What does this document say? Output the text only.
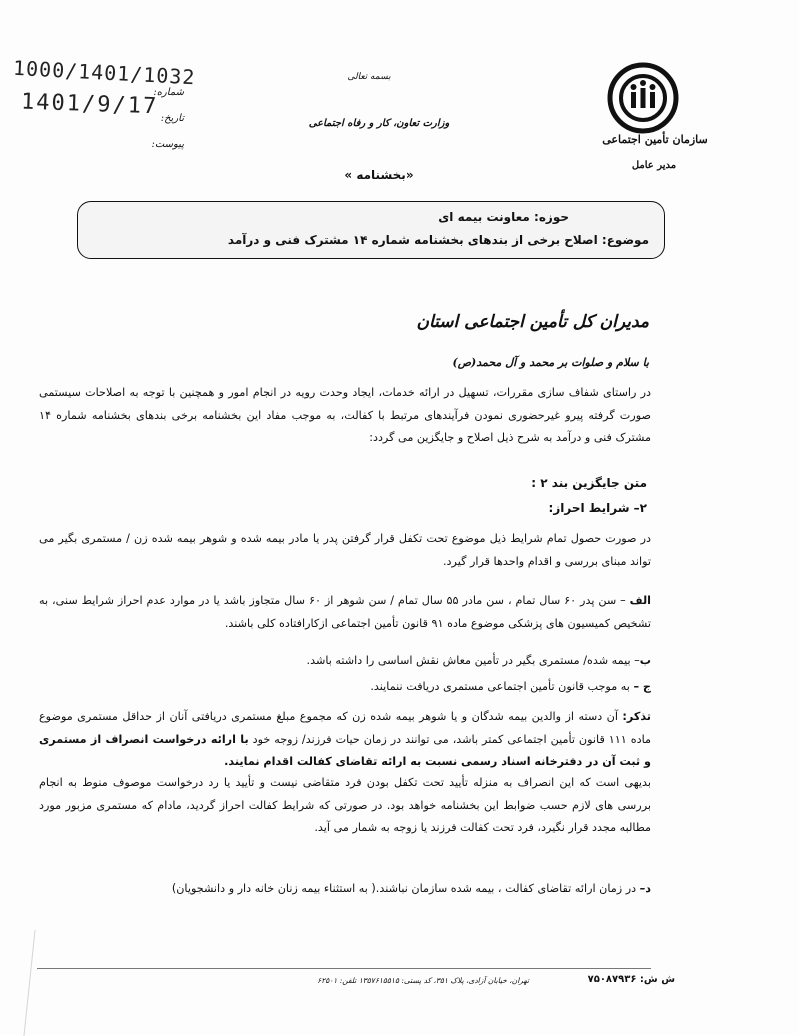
سازمان تأمین اجتماعی
مدیر عامل
بسمه تعالی
وزارت تعاون، کار و رفاه اجتماعی
«بخشنامه »
شماره:
تاریخ:
پیوست:
1000/1401/1032
1401/9/17
حوزه: معاونت بیمه ای
موضوع: اصلاح برخی از بندهای بخشنامه شماره ۱۴ مشترک فنی و درآمد
مدیران کل تأمین اجتماعی استان
با سلام و صلوات بر محمد و آل محمد(ص)
در راستای شفاف سازی مقررات، تسهیل در ارائه خدمات، ایجاد وحدت رویه در انجام امور و همچنین با توجه به اصلاحات سیستمی صورت گرفته پیرو غیرحضوری نمودن فرآیندهای مرتبط با کفالت، به موجب مفاد این بخشنامه برخی بندهای بخشنامه شماره ۱۴ مشترک فنی و درآمد به شرح ذیل اصلاح و جایگزین می گردد:
متن جایگزین بند ۲ :
۲– شرایط احراز:
در صورت حصول تمام شرایط ذیل موضوع تحت تکفل قرار گرفتن پدر یا مادر بیمه شده و شوهر بیمه شده زن / مستمری بگیر می تواند مبنای بررسی و اقدام واحدها قرار گیرد.
الف – سن پدر ۶۰ سال تمام ، سن مادر ۵۵ سال تمام / سن شوهر از ۶۰ سال متجاوز باشد یا در موارد عدم احراز شرایط سنی، به تشخیص کمیسیون های پزشکی موضوع ماده ۹۱ قانون تأمین اجتماعی ازکارافتاده کلی باشند.
ب– بیمه شده/ مستمری بگیر در تأمین معاش نقش اساسی را داشته باشد.
ج – به موجب قانون تأمین اجتماعی مستمری دریافت ننمایند.
تذکر: آن دسته از والدین بیمه شدگان و یا شوهر بیمه شده زن که مجموع مبلغ مستمری دریافتی آنان از حداقل مستمری موضوع ماده ۱۱۱ قانون تأمین اجتماعی کمتر باشد، می توانند در زمان حیات فرزند/ زوجه خود با ارائه درخواست انصراف از مستمری و ثبت آن در دفترخانه اسناد رسمی نسبت به ارائه تقاضای کفالت اقدام نمایند.
بدیهی است که این انصراف به منزله تأیید تحت تکفل بودن فرد متقاضی نیست و تأیید یا رد درخواست موصوف منوط به انجام بررسی های لازم حسب ضوابط این بخشنامه خواهد بود. در صورتی که شرایط کفالت احراز گردید، مادام که مستمری مزبور مورد مطالبه مجدد قرار نگیرد، فرد تحت کفالت فرزند یا زوجه به شمار می آید.
د– در زمان ارائه تقاضای کفالت ، بیمه شده سازمان نباشند.( به استثناء بیمه زنان خانه دار و دانشجویان)
تهران، خیابان آزادی، پلاک ۳۵۱، کد پستی: ۱۳۵۷۶۱۵۵۱۵ تلفن: ۶۲۵۰۱	ش ش: ۷۵۰۸۷۹۳۶
